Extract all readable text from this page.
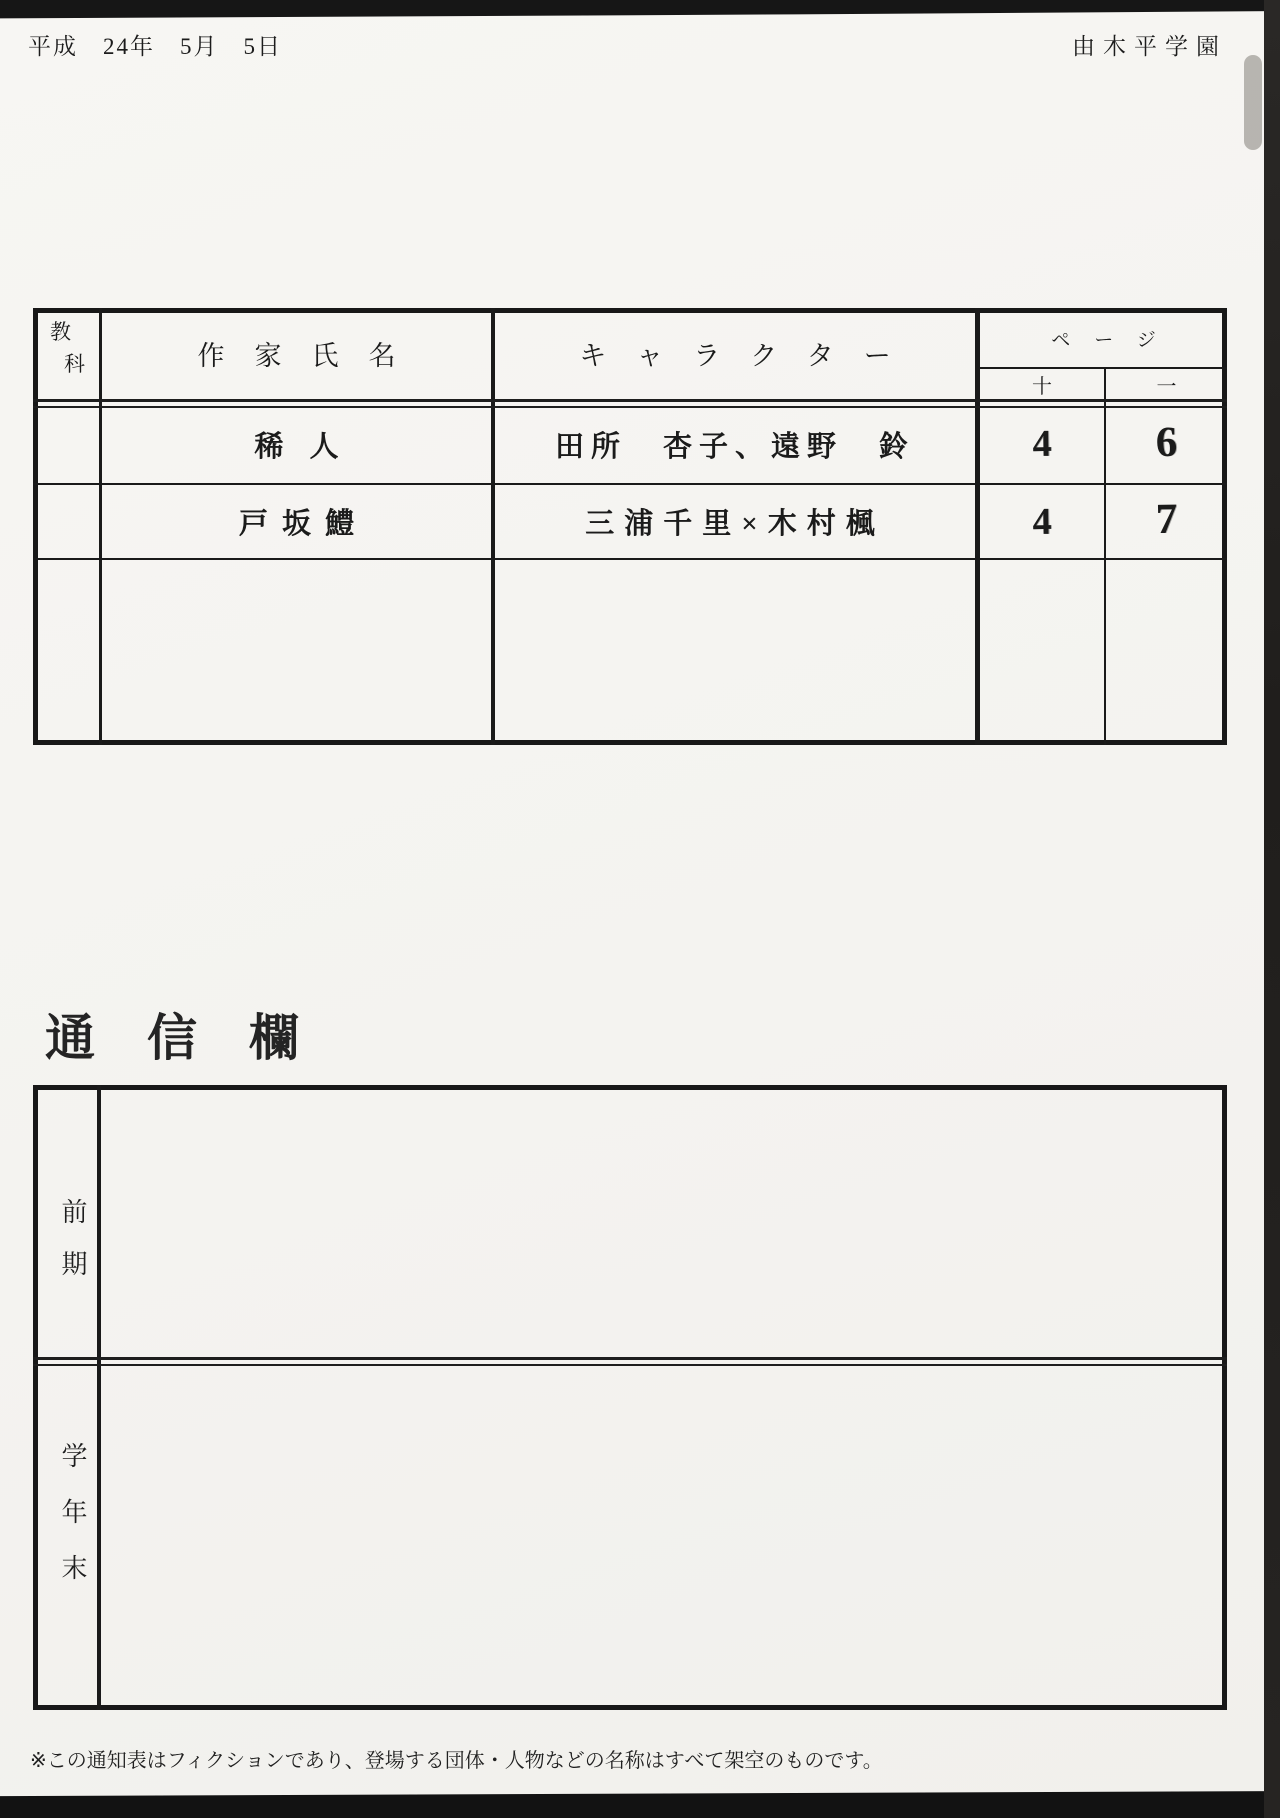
平成　24年　5月　5日	由木平学園
教
科	作家氏名	キャラクター
ページ
十	一
稀人	田所　杏子、遠野　鈴	4	6
戸坂鱧	三浦千里×木村楓	4	7
通信欄
前期
学年末
※この通知表はフィクションであり、登場する団体・人物などの名称はすべて架空のものです。
